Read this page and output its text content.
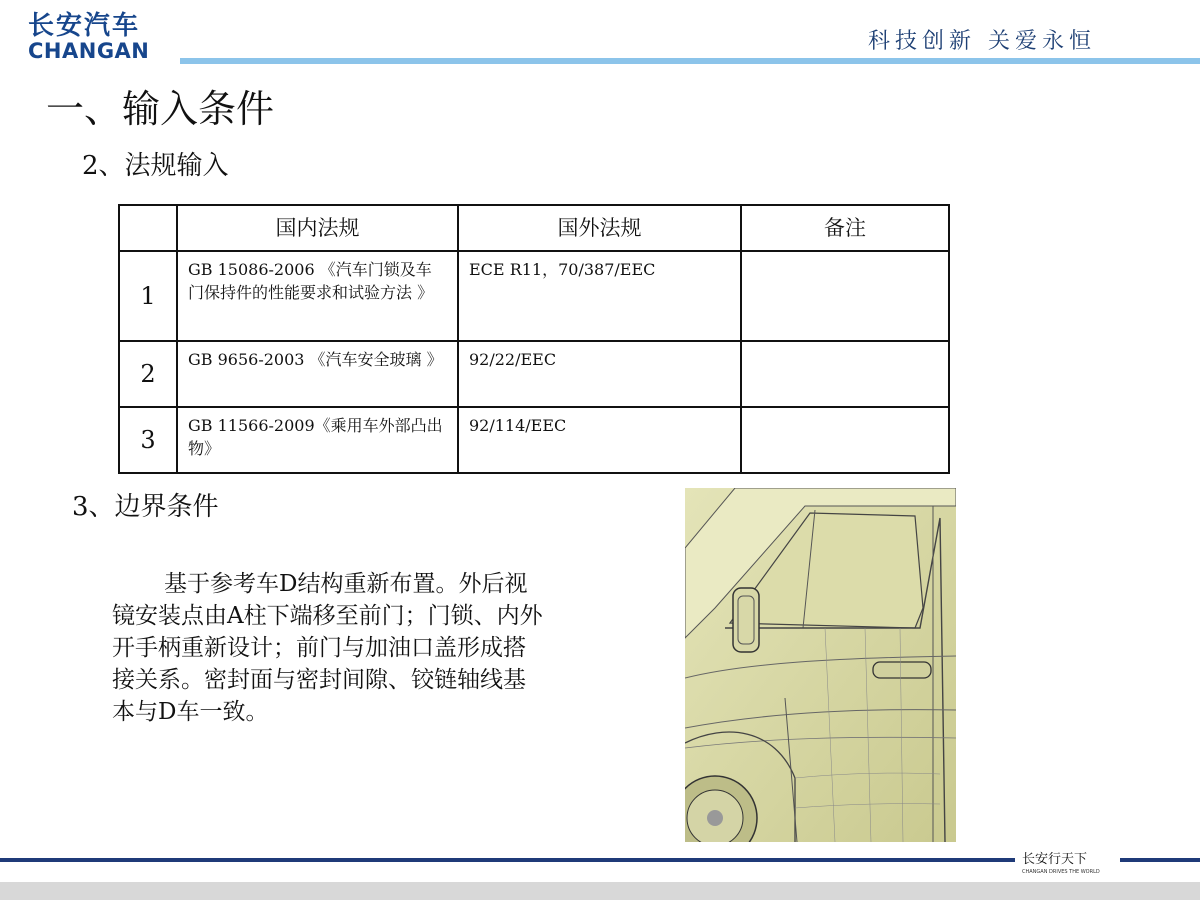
长安汽车
CHANGAN	科技创新 关爱永恒
一、输入条件
2、法规输入
	国内法规	国外法规	备注
1	GB 15086-2006 《汽车门锁及车门保持件的性能要求和试验方法 》	ECE R11，70/387/EEC	
2	GB 9656-2003 《汽车安全玻璃 》	92/22/EEC	
3	GB 11566-2009《乘用车外部凸出物》	92/114/EEC	
3、边界条件
基于参考车D结构重新布置。外后视镜安装点由A柱下端移至前门；门锁、内外开手柄重新设计；前门与加油口盖形成搭接关系。密封面与密封间隙、铰链轴线基本与D车一致。
长安行天下
CHANGAN DRIVES THE WORLD
